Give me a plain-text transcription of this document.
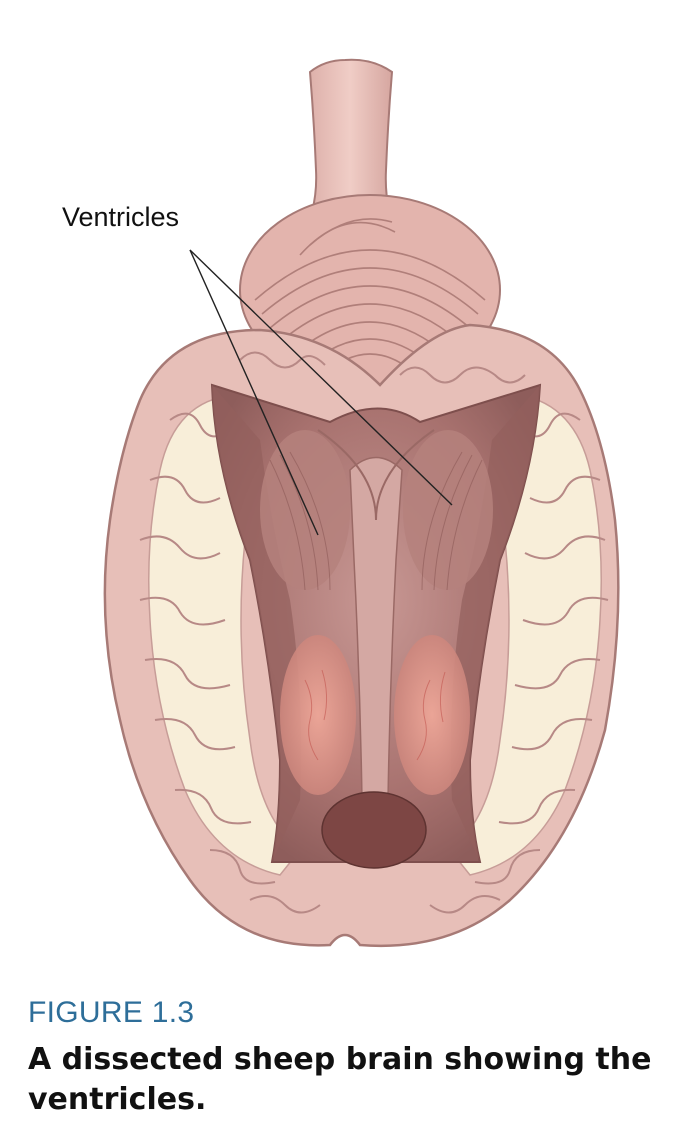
Ventricles
FIGURE 1.3
A dissected sheep brain showing the ventricles.
